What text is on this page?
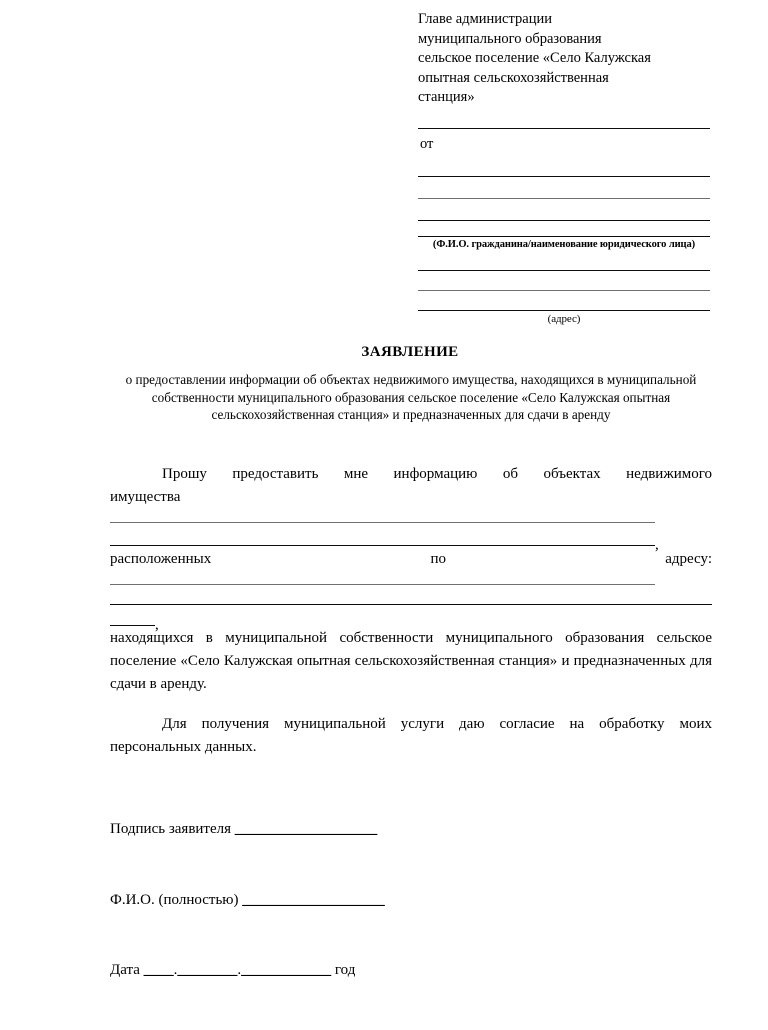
Главе администрации
муниципального образования
сельское поселение «Село Калужская
опытная сельскохозяйственная
станция»
от
(Ф.И.О. гражданина/наименование юридического лица)
(адрес)
ЗАЯВЛЕНИЕ
о предоставлении информации об объектах недвижимого имущества, находящихся в муниципальной собственности муниципального образования сельское поселение «Село Калужская опытная сельскохозяйственная станция» и предназначенных для сдачи в аренду
Прошу предоставить мне информацию об объектах недвижимого
имущества
,
расположенных по адресу:
,
находящихся в муниципальной собственности муниципального образования сельское поселение «Село Калужская опытная сельскохозяйственная станция» и предназначенных для сдачи в аренду.
Для получения муниципальной услуги даю согласие на обработку моих персональных данных.

Подпись заявителя ___________________

Ф.И.О. (полностью) ___________________

Дата ____.________.____________ год
